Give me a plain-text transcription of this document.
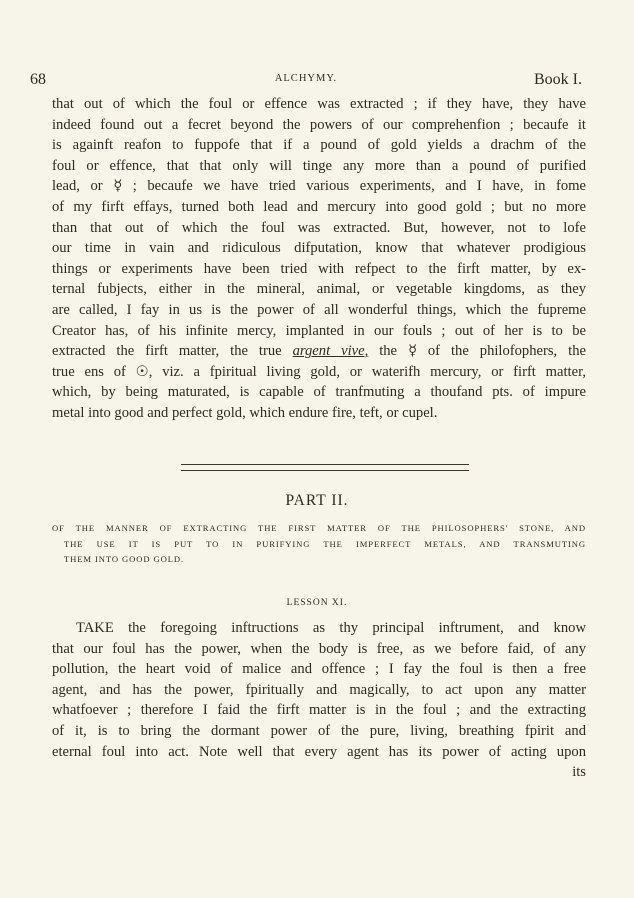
68	ALCHYMY.	Book I.
that out of which the foul or effence was extracted ; if they have, they have
indeed found out a fecret beyond the powers of our comprehenfion ; becaufe it
is againft reafon to fuppofe that if a pound of gold yields a drachm of the
foul or effence, that that only will tinge any more than a pound of purified
lead, or ☿ ; becaufe we have tried various experiments, and I have, in fome
of my firft effays, turned both lead and mercury into good gold ; but no more
than that out of which the foul was extracted. But, however, not to lofe
our time in vain and ridiculous difputation, know that whatever prodigious
things or experiments have been tried with refpect to the firft matter, by ex-
ternal fubjects, either in the mineral, animal, or vegetable kingdoms, as they
are called, I fay in us is the power of all wonderful things, which the fupreme
Creator has, of his infinite mercy, implanted in our fouls ; out of her is to be
extracted the firft matter, the true argent vive, the ☿ of the philofophers, the
true ens of ☉, viz. a fpiritual living gold, or waterifh mercury, or firft matter,
which, by being maturated, is capable of tranfmuting a thoufand pts. of impure
metal into good and perfect gold, which endure fire, teft, or cupel.
PART II.
OF THE MANNER OF EXTRACTING THE FIRST MATTER OF THE PHILOSOPHERS' STONE, AND
THE USE IT IS PUT TO IN PURIFYING THE IMPERFECT METALS, AND TRANSMUTING
THEM INTO GOOD GOLD.
LESSON XI.
TAKE the foregoing inftructions as thy principal inftrument, and know
that our foul has the power, when the body is free, as we before faid, of any
pollution, the heart void of malice and offence ; I fay the foul is then a free
agent, and has the power, fpiritually and magically, to act upon any matter
whatfoever ; therefore I faid the firft matter is in the foul ; and the extracting
of it, is to bring the dormant power of the pure, living, breathing fpirit and
eternal foul into act. Note well that every agent has its power of acting upon
its
